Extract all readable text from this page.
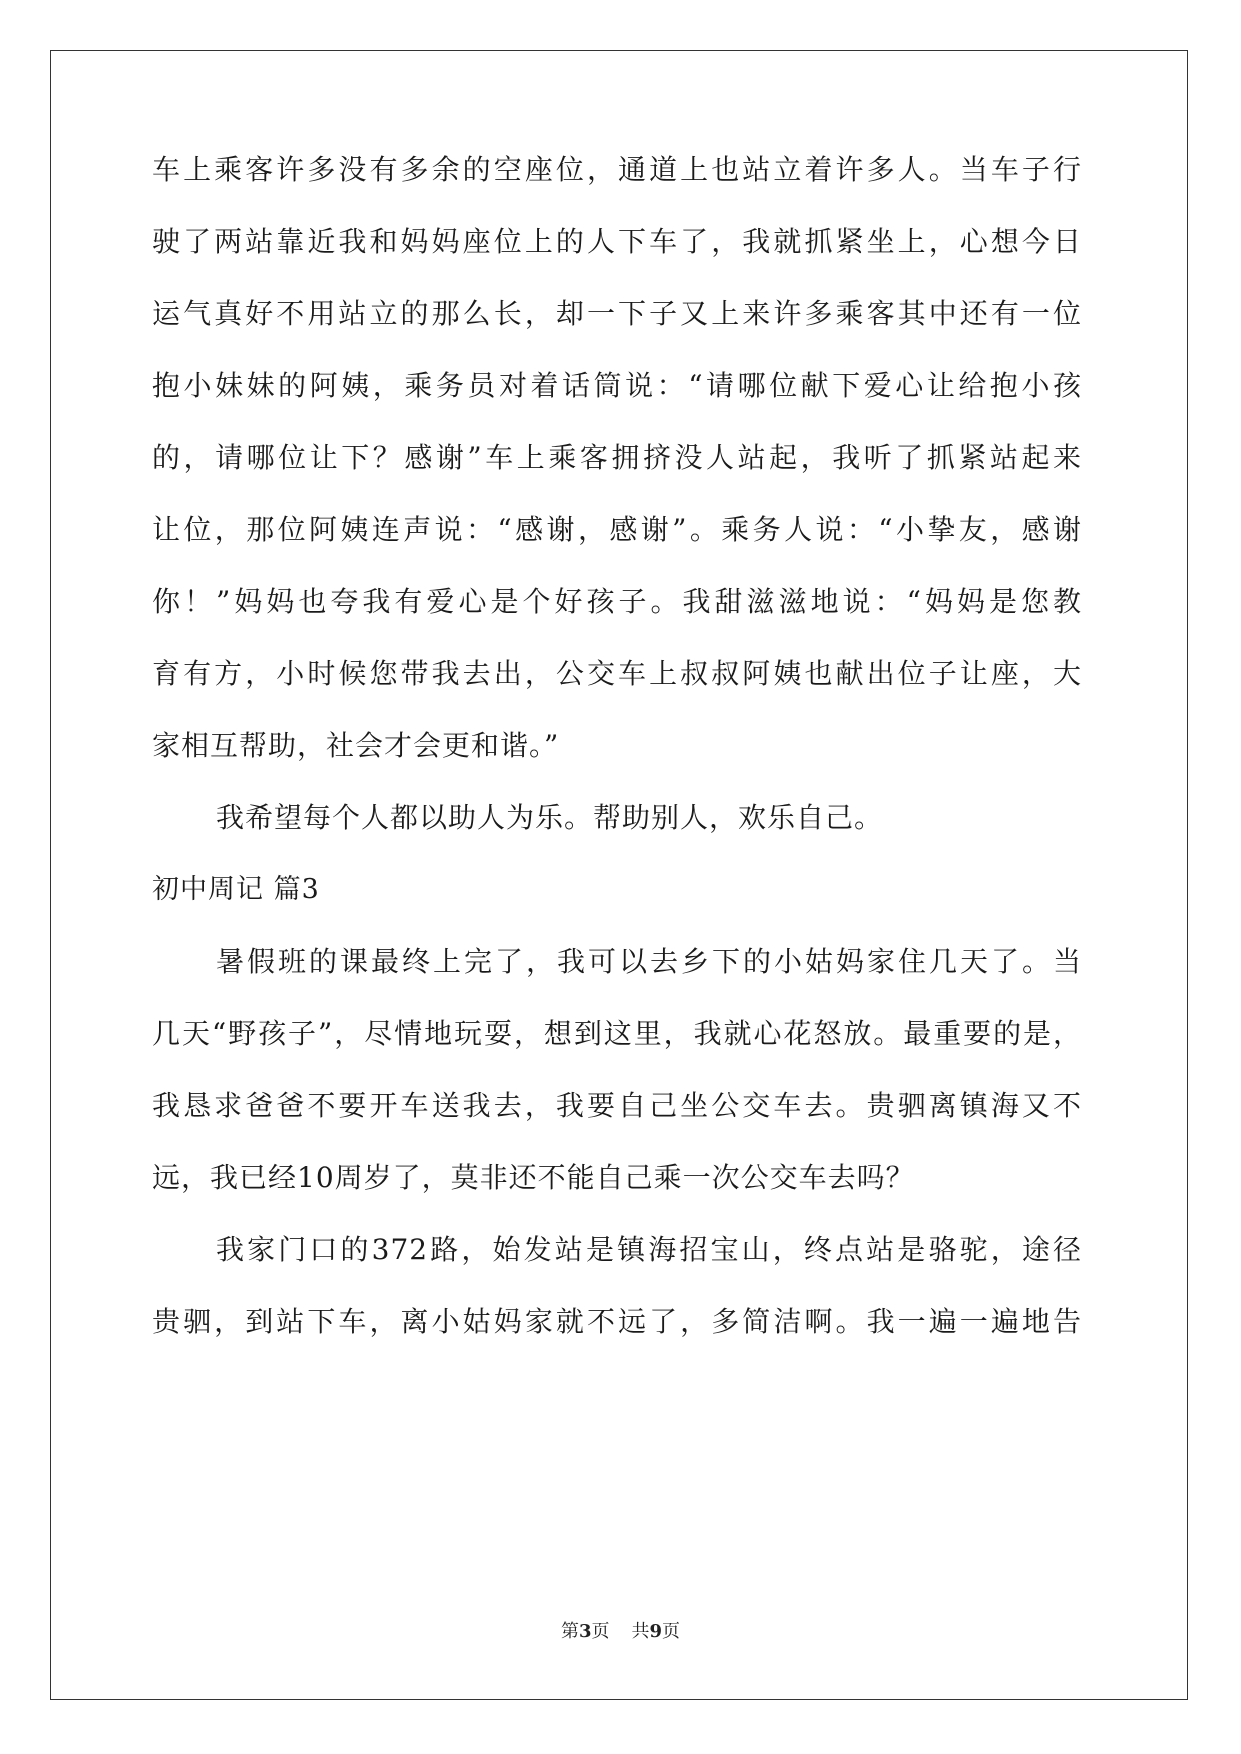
车上乘客许多没有多余的空座位，通道上也站立着许多人。当车子行
驶了两站靠近我和妈妈座位上的人下车了，我就抓紧坐上，心想今日
运气真好不用站立的那么长，却一下子又上来许多乘客其中还有一位
抱小妹妹的阿姨，乘务员对着话筒说：“请哪位献下爱心让给抱小孩
的，请哪位让下？感谢”车上乘客拥挤没人站起，我听了抓紧站起来
让位，那位阿姨连声说：“感谢，感谢”。乘务人说：“小挚友，感谢
你！”妈妈也夸我有爱心是个好孩子。我甜滋滋地说：“妈妈是您教
育有方，小时候您带我去出，公交车上叔叔阿姨也献出位子让座，大
家相互帮助，社会才会更和谐。”
我希望每个人都以助人为乐。帮助别人，欢乐自己。
初中周记 篇3
暑假班的课最终上完了，我可以去乡下的小姑妈家住几天了。当
几天“野孩子”，尽情地玩耍，想到这里，我就心花怒放。最重要的是，
我恳求爸爸不要开车送我去，我要自己坐公交车去。贵驷离镇海又不
远，我已经10周岁了，莫非还不能自己乘一次公交车去吗？
我家门口的372路，始发站是镇海招宝山，终点站是骆驼，途径
贵驷，到站下车，离小姑妈家就不远了，多简洁啊。我一遍一遍地告
第3页 共9页
